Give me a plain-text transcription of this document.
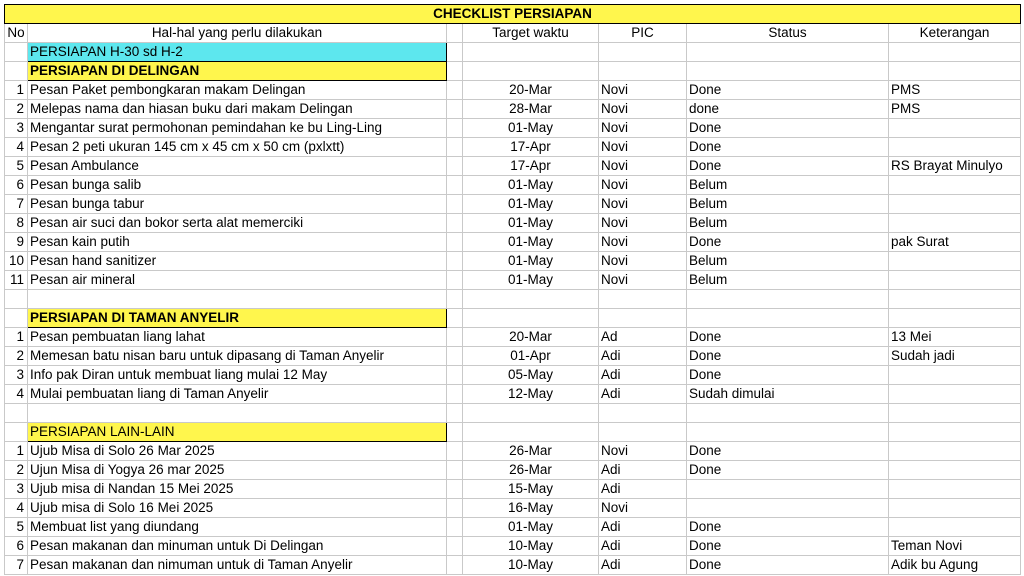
CHECKLIST PERSIAPAN						
No	Hal-hal yang perlu dilakukan		Target waktu	PIC	Status	Keterangan
	PERSIAPAN H-30 sd H-2					
	PERSIAPAN DI DELINGAN					
1	Pesan Paket pembongkaran makam Delingan		20-Mar	Novi	Done	PMS
2	Melepas nama dan hiasan buku dari makam Delingan		28-Mar	Novi	done	PMS
3	Mengantar surat permohonan pemindahan ke bu Ling-Ling		01-May	Novi	Done	
4	Pesan 2 peti ukuran 145 cm x 45 cm x 50 cm (pxlxtt)		17-Apr	Novi	Done	
5	Pesan Ambulance		17-Apr	Novi	Done	RS Brayat Minulyo
6	Pesan bunga salib		01-May	Novi	Belum	
7	Pesan bunga tabur		01-May	Novi	Belum	
8	Pesan air suci dan bokor serta alat memerciki		01-May	Novi	Belum	
9	Pesan kain putih		01-May	Novi	Done	pak Surat
10	Pesan hand sanitizer		01-May	Novi	Belum	
11	Pesan air mineral		01-May	Novi	Belum	

	PERSIAPAN DI TAMAN ANYELIR					
1	Pesan pembuatan liang lahat		20-Mar	Ad	Done	13 Mei
2	Memesan batu nisan baru untuk dipasang di Taman Anyelir		01-Apr	Adi	Done	Sudah jadi
3	Info pak Diran untuk membuat liang mulai 12 May		05-May	Adi	Done	
4	Mulai pembuatan liang di Taman Anyelir		12-May	Adi	Sudah dimulai	

	PERSIAPAN LAIN-LAIN					
1	Ujub Misa di Solo 26 Mar 2025		26-Mar	Novi	Done	
2	Ujun Misa di Yogya 26 mar 2025		26-Mar	Adi	Done	
3	Ujub misa di Nandan 15 Mei 2025		15-May	Adi		
4	Ujub misa di Solo 16 Mei 2025		16-May	Novi		
5	Membuat list yang diundang		01-May	Adi	Done	
6	Pesan makanan dan minuman untuk Di Delingan		10-May	Adi	Done	Teman Novi
7	Pesan makanan dan nimuman untuk di Taman Anyelir		10-May	Adi	Done	Adik bu Agung
